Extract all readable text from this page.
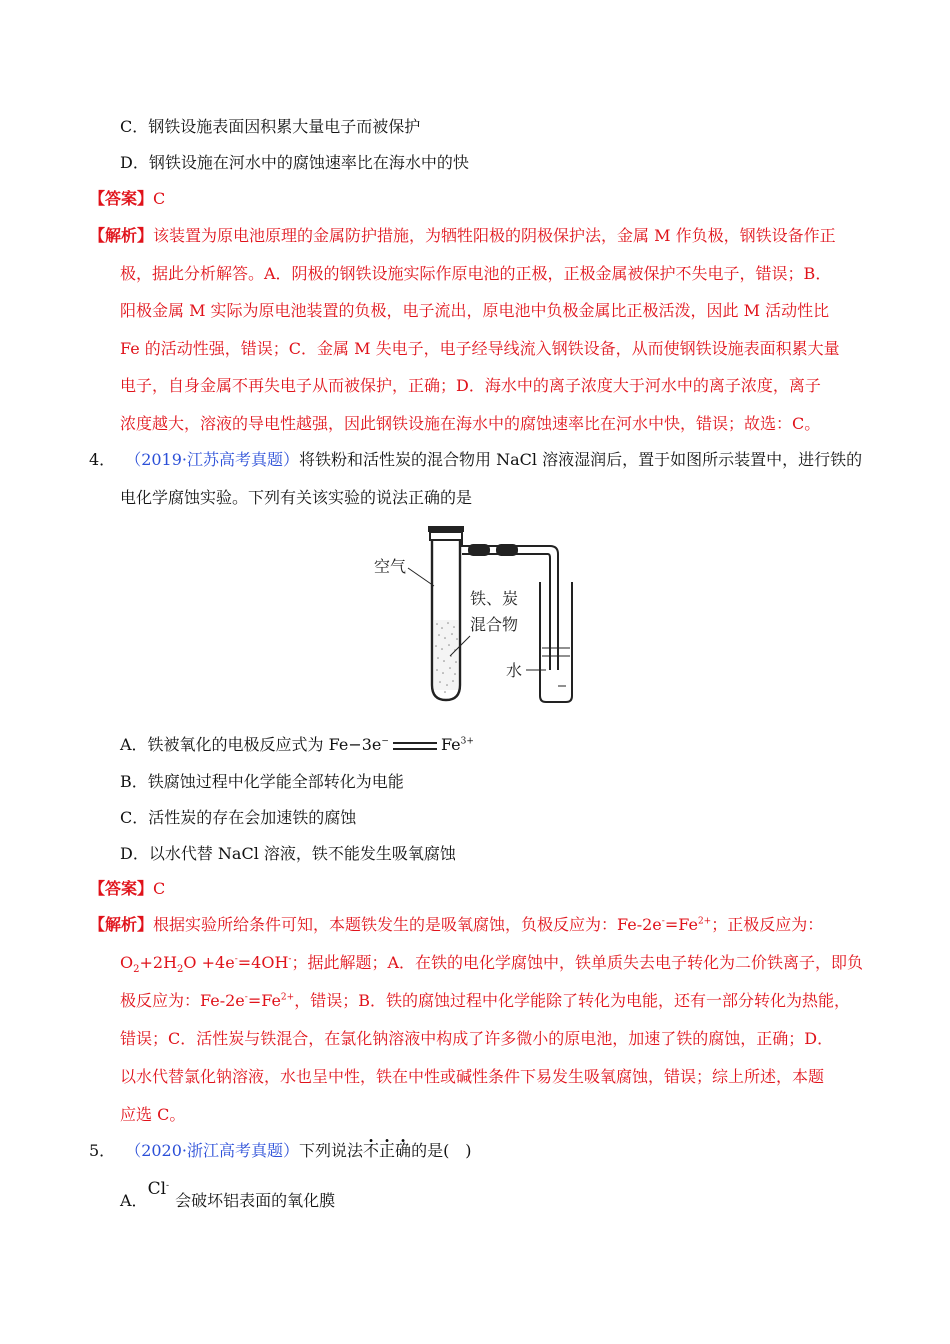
C．钢铁设施表面因积累大量电子而被保护
D．钢铁设施在河水中的腐蚀速率比在海水中的快
【答案】C
【解析】该装置为原电池原理的金属防护措施，为牺牲阳极的阴极保护法，金属 M 作负极，钢铁设备作正
极，据此分析解答。A．阴极的钢铁设施实际作原电池的正极，正极金属被保护不失电子，错误；B．
阳极金属 M 实际为原电池装置的负极，电子流出，原电池中负极金属比正极活泼，因此 M 活动性比
Fe 的活动性强，错误；C．金属 M 失电子，电子经导线流入钢铁设备，从而使钢铁设施表面积累大量
电子，自身金属不再失电子从而被保护，正确；D．海水中的离子浓度大于河水中的离子浓度，离子
浓度越大，溶液的导电性越强，因此钢铁设施在海水中的腐蚀速率比在河水中快，错误；故选：C。
4． （2019·江苏高考真题）将铁粉和活性炭的混合物用 NaCl 溶液湿润后，置于如图所示装置中，进行铁的
电化学腐蚀实验。下列有关该实验的说法正确的是
空气
铁、炭
混合物
水
A．铁被氧化的电极反应式为 Fe−3e−	$Fe^{3+}$
B．铁腐蚀过程中化学能全部转化为电能
C．活性炭的存在会加速铁的腐蚀
D．以水代替 NaCl 溶液，铁不能发生吸氧腐蚀
【答案】C
【解析】根据实验所给条件可知，本题铁发生的是吸氧腐蚀，负极反应为：$Fe-2e^-=Fe^{2+}$；正极反应为：
$O_2+2H_2O +4e^-=4OH^-$；据此解题；A．在铁的电化学腐蚀中，铁单质失去电子转化为二价铁离子，即负
极反应为：$Fe-2e^-=Fe^{2+}$，错误；B．铁的腐蚀过程中化学能除了转化为电能，还有一部分转化为热能，
错误；C．活性炭与铁混合，在氯化钠溶液中构成了许多微小的原电池，加速了铁的腐蚀，正确；D．
以水代替氯化钠溶液，水也呈中性，铁在中性或碱性条件下易发生吸氧腐蚀，错误；综上所述，本题
应选 C。
5． （2020·浙江高考真题）下列说法不正确的是(　)
A．Cl-会破坏铝表面的氧化膜
